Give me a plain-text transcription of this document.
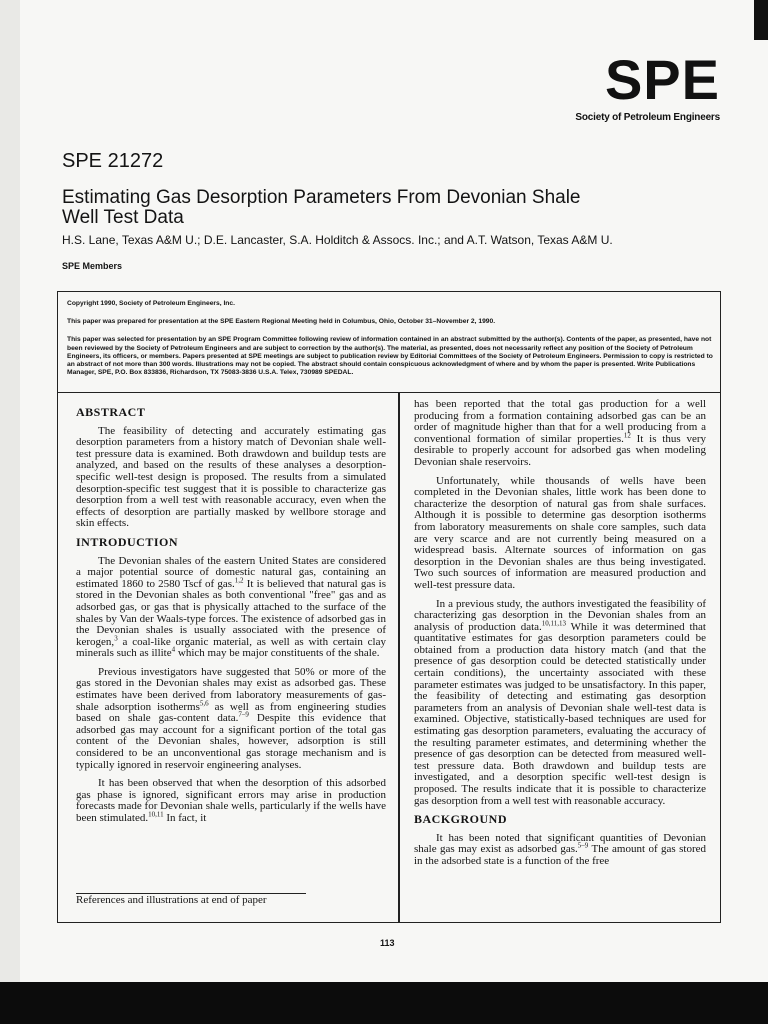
SPE
Society of Petroleum Engineers
SPE 21272
Estimating Gas Desorption Parameters From Devonian Shale Well Test Data
H.S. Lane, Texas A&M U.; D.E. Lancaster, S.A. Holditch & Assocs. Inc.; and A.T. Watson, Texas A&M U.
SPE Members

Copyright 1990, Society of Petroleum Engineers, Inc.

This paper was prepared for presentation at the SPE Eastern Regional Meeting held in Columbus, Ohio, October 31–November 2, 1990.

This paper was selected for presentation by an SPE Program Committee following review of information contained in an abstract submitted by the author(s). Contents of the paper, as presented, have not been reviewed by the Society of Petroleum Engineers and are subject to correction by the author(s). The material, as presented, does not necessarily reflect any position of the Society of Petroleum Engineers, its officers, or members. Papers presented at SPE meetings are subject to publication review by Editorial Committees of the Society of Petroleum Engineers. Permission to copy is restricted to an abstract of not more than 300 words. Illustrations may not be copied. The abstract should contain conspicuous acknowledgment of where and by whom the paper is presented. Write Publications Manager, SPE, P.O. Box 833836, Richardson, TX 75083-3836 U.S.A. Telex, 730989 SPEDAL.

ABSTRACT

The feasibility of detecting and accurately estimating gas desorption parameters from a history match of Devonian shale well-test pressure data is examined. Both drawdown and buildup tests are analyzed, and based on the results of these analyses a desorption-specific well-test design is proposed. The results from a simulated desorption-specific test suggest that it is possible to characterize gas desorption from a well test with reasonable accuracy, even when the effects of desorption are partially masked by wellbore storage and skin effects.

INTRODUCTION

The Devonian shales of the eastern United States are considered a major potential source of domestic natural gas, containing an estimated 1860 to 2580 Tscf of gas.$^{1,2}$ It is believed that natural gas is stored in the Devonian shales as both conventional "free" gas and as adsorbed gas, or gas that is physically attached to the surface of the shales by Van der Waals-type forces. The existence of adsorbed gas in the Devonian shales is usually associated with the presence of kerogen,$^3$ a coal-like organic material, as well as with certain clay minerals such as illite$^4$ which may be major constituents of the shale.

Previous investigators have suggested that 50% or more of the gas stored in the Devonian shales may exist as adsorbed gas. These estimates have been derived from laboratory measurements of gas-shale adsorption isotherms$^{5,6}$ as well as from engineering studies based on shale gas-content data.$^{7-9}$ Despite this evidence that adsorbed gas may account for a significant portion of the total gas content of the Devonian shales, however, adsorption is still considered to be an unconventional gas storage mechanism and is typically ignored in reservoir engineering analyses.

It has been observed that when the desorption of this adsorbed gas phase is ignored, significant errors may arise in production forecasts made for Devonian shale wells, particularly if the wells have been stimulated.$^{10,11}$ In fact, it

References and illustrations at end of paper

has been reported that the total gas production for a well producing from a formation containing adsorbed gas can be an order of magnitude higher than that for a well producing from a conventional formation of similar properties.$^{12}$ It is thus very desirable to properly account for adsorbed gas when modeling Devonian shale reservoirs.

Unfortunately, while thousands of wells have been completed in the Devonian shales, little work has been done to characterize the desorption of natural gas from shale surfaces. Although it is possible to determine gas desorption isotherms from laboratory measurements on shale core samples, such data are very scarce and are not currently being measured on a widespread basis. Alternate sources of information on gas desorption in the Devonian shales are thus being investigated. Two such sources of information are measured production and well-test pressure data.

In a previous study, the authors investigated the feasibility of characterizing gas desorption in the Devonian shales from an analysis of production data.$^{10,11,13}$ While it was determined that quantitative estimates for gas desorption parameters could be obtained from a production data history match (and that the presence of gas desorption could be detected statistically under certain conditions), the uncertainty associated with these parameter estimates was judged to be unsatisfactory. In this paper, the feasibility of detecting and estimating gas desorption parameters from an analysis of Devonian shale well-test data is examined. Objective, statistically-based techniques are used for estimating gas desorption parameters, evaluating the accuracy of the resulting parameter estimates, and determining whether the presence of gas desorption can be detected from measured well-test pressure data. Both drawdown and buildup tests are investigated, and a desorption specific well-test design is proposed. The results indicate that it is possible to characterize gas desorption from a well test with reasonable accuracy.

BACKGROUND

It has been noted that significant quantities of Devonian shale gas may exist as adsorbed gas.$^{5-9}$ The amount of gas stored in the adsorbed state is a function of the free

113
